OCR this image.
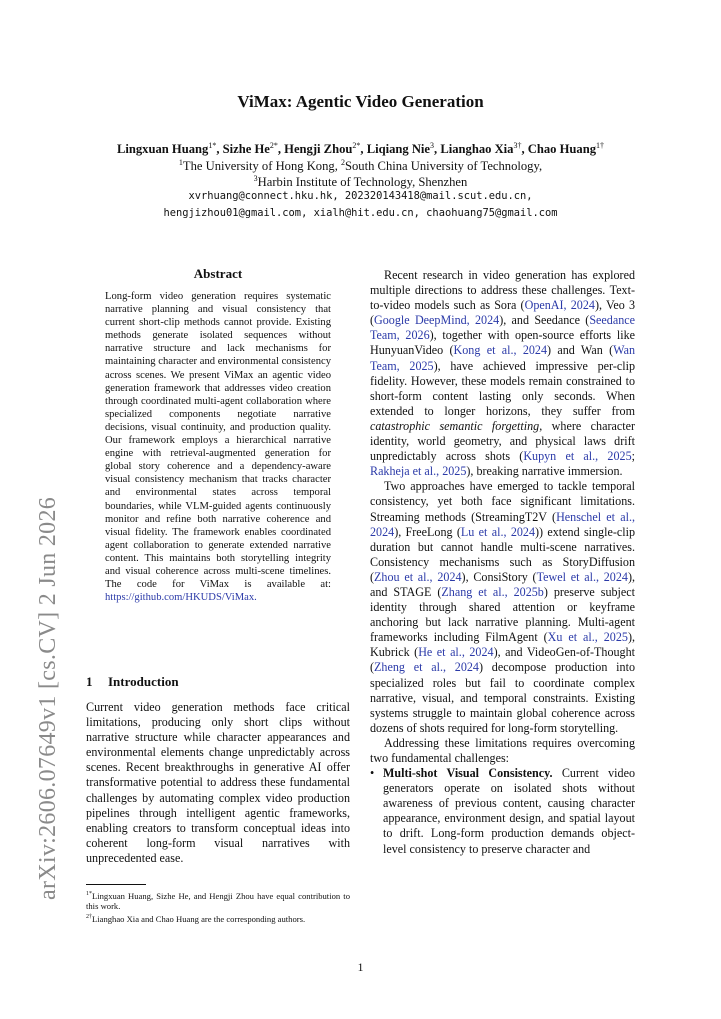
arXiv:2606.07649v1 [cs.CV] 2 Jun 2026
ViMax: Agentic Video Generation
Lingxuan Huang$^{1*}$, Sizhe $He^{2*}$, Hengji Zhou$^{2*}$, Liqiang Nie$^3$, Lianghao Xia$^{3\dagger}$, Chao Huang$^{1\dagger}$
$^1$The University of Hong Kong, $^2$South China University of Technology,
$^3$Harbin Institute of Technology, Shenzhen
xvrhuang@connect.hku.hk, 202320143418@mail.scut.edu.cn,
hengjizhou01@gmail.com, xialh@hit.edu.cn, chaohuang75@gmail.com
Abstract
Long-form video generation requires systematic narrative planning and visual consistency that current short-clip methods cannot provide. Existing methods generate isolated sequences without narrative structure and lack mechanisms for maintaining character and environmental consistency across scenes. We present ViMax an agentic video generation framework that addresses video creation through coordinated multi-agent collaboration where specialized components negotiate narrative decisions, visual continuity, and production quality. Our framework employs a hierarchical narrative engine with retrieval-augmented generation for global story coherence and a dependency-aware visual consistency mechanism that tracks character and environmental states across temporal boundaries, while VLM-guided agents continuously monitor and refine both narrative coherence and visual fidelity. The framework enables coordinated agent collaboration to generate extended narrative content. This maintains both storytelling integrity and visual coherence across multi-scene timelines. The code for ViMax is available at: https://github.com/HKUDS/ViMax.
1 Introduction
Current video generation methods face critical limitations, producing only short clips without narrative structure while character appearances and environmental elements change unpredictably across scenes. Recent breakthroughs in generative AI offer transformative potential to address these fundamental challenges by automating complex video production pipelines through intelligent agentic frameworks, enabling creators to transform conceptual ideas into coherent long-form visual narratives with unprecedented ease.
$^{1*}$Lingxuan Huang, Sizhe He, and Hengji Zhou have equal contribution to this work.
$^{2\dagger}$Lianghao Xia and Chao Huang are the corresponding authors.

Recent research in video generation has explored multiple directions to address these challenges. Text-to-video models such as Sora (OpenAI, 2024), Veo 3 (Google DeepMind, 2024), and Seedance (Seedance Team, 2026), together with open-source efforts like HunyuanVideo (Kong et al., 2024) and Wan (Wan Team, 2025), have achieved impressive per-clip fidelity. However, these models remain constrained to short-form content lasting only seconds. When extended to longer horizons, they suffer from catastrophic semantic forgetting, where character identity, world geometry, and physical laws drift unpredictably across shots (Kupyn et al., 2025; Rakheja et al., 2025), breaking narrative immersion.

Two approaches have emerged to tackle temporal consistency, yet both face significant limitations. Streaming methods (StreamingT2V (Henschel et al., 2024), FreeLong (Lu et al., 2024)) extend single-clip duration but cannot handle multi-scene narratives. Consistency mechanisms such as StoryDiffusion (Zhou et al., 2024), ConsiStory (Tewel et al., 2024), and STAGE (Zhang et al., 2025b) preserve subject identity through shared attention or keyframe anchoring but lack narrative planning. Multi-agent frameworks including FilmAgent (Xu et al., 2025), Kubrick (He et al., 2024), and VideoGen-of-Thought (Zheng et al., 2024) decompose production into specialized roles but fail to coordinate complex narrative, visual, and temporal constraints. Existing systems struggle to maintain global coherence across dozens of shots required for long-form storytelling.

Addressing these limitations requires overcoming two fundamental challenges:

• Multi-shot Visual Consistency. Current video generators operate on isolated shots without awareness of previous content, causing character appearance, environment design, and spatial layout to drift. Long-form production demands object-level consistency to preserve character and

1
